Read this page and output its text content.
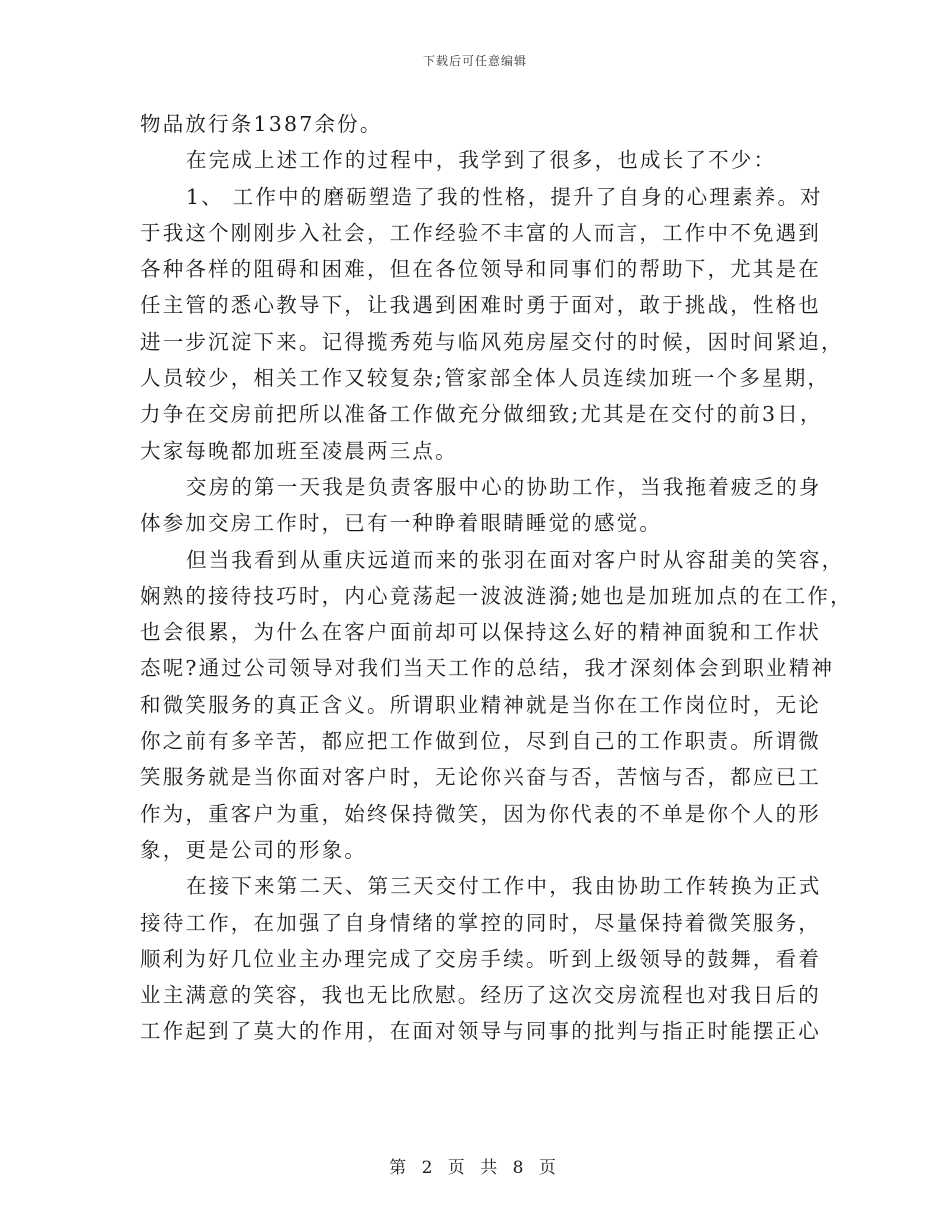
下载后可任意编辑
物品放行条1387余份。
在完成上述工作的过程中，我学到了很多，也成长了不少：
1、 工作中的磨砺塑造了我的性格，提升了自身的心理素养。对
于我这个刚刚步入社会，工作经验不丰富的人而言，工作中不免遇到
各种各样的阻碍和困难，但在各位领导和同事们的帮助下，尤其是在
任主管的悉心教导下，让我遇到困难时勇于面对，敢于挑战，性格也
进一步沉淀下来。记得揽秀苑与临风苑房屋交付的时候，因时间紧迫，
人员较少，相关工作又较复杂;管家部全体人员连续加班一个多星期，
力争在交房前把所以准备工作做充分做细致;尤其是在交付的前3日，
大家每晚都加班至凌晨两三点。
交房的第一天我是负责客服中心的协助工作，当我拖着疲乏的身
体参加交房工作时，已有一种睁着眼睛睡觉的感觉。
但当我看到从重庆远道而来的张羽在面对客户时从容甜美的笑容，
娴熟的接待技巧时，内心竟荡起一波波涟漪;她也是加班加点的在工作，
也会很累，为什么在客户面前却可以保持这么好的精神面貌和工作状
态呢?通过公司领导对我们当天工作的总结，我才深刻体会到职业精神
和微笑服务的真正含义。所谓职业精神就是当你在工作岗位时，无论
你之前有多辛苦，都应把工作做到位，尽到自己的工作职责。所谓微
笑服务就是当你面对客户时，无论你兴奋与否，苦恼与否，都应已工
作为，重客户为重，始终保持微笑，因为你代表的不单是你个人的形
象，更是公司的形象。
在接下来第二天、第三天交付工作中，我由协助工作转换为正式
接待工作，在加强了自身情绪的掌控的同时，尽量保持着微笑服务，
顺利为好几位业主办理完成了交房手续。听到上级领导的鼓舞，看着
业主满意的笑容，我也无比欣慰。经历了这次交房流程也对我日后的
工作起到了莫大的作用，在面对领导与同事的批判与指正时能摆正心
第 2 页 共 8 页
